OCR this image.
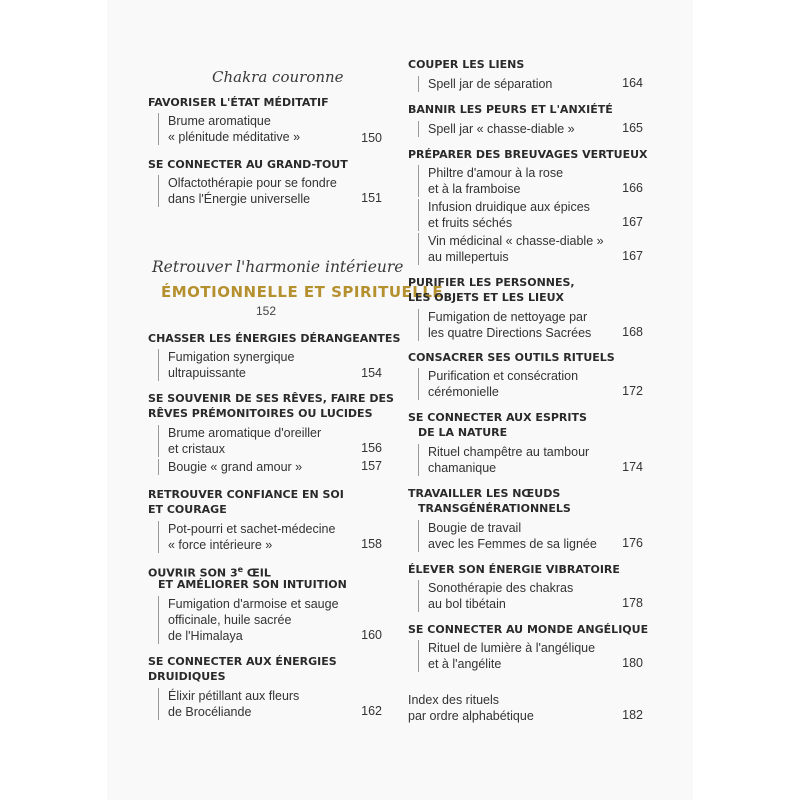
Chakra couronne
FAVORISER L'ÉTAT MÉDITATIF
Brume aromatique
« plénitude méditative »	150
SE CONNECTER AU GRAND-TOUT
Olfactothérapie pour se fondre
dans l'Énergie universelle	151
Retrouver l'harmonie intérieure
ÉMOTIONNELLE ET SPIRITUELLE
152
CHASSER LES ÉNERGIES DÉRANGEANTES
Fumigation synergique
ultrapuissante	154
SE SOUVENIR DE SES RÊVES, FAIRE DES
RÊVES PRÉMONITOIRES OU LUCIDES
Brume aromatique d'oreiller
et cristaux	156
Bougie « grand amour »	157
RETROUVER CONFIANCE EN SOI
ET COURAGE
Pot-pourri et sachet-médecine
« force intérieure »	158
OUVRIR SON 3e ŒIL
ET AMÉLIORER SON INTUITION
Fumigation d'armoise et sauge
officinale, huile sacrée
de l'Himalaya	160
SE CONNECTER AUX ÉNERGIES
DRUIDIQUES
Élixir pétillant aux fleurs
de Brocéliande	162
COUPER LES LIENS
Spell jar de séparation	164
BANNIR LES PEURS ET L'ANXIÉTÉ
Spell jar « chasse-diable »	165
PRÉPARER DES BREUVAGES VERTUEUX
Philtre d'amour à la rose
et à la framboise	166
Infusion druidique aux épices
et fruits séchés	167
Vin médicinal « chasse-diable »
au millepertuis	167
PURIFIER LES PERSONNES,
LES OBJETS ET LES LIEUX
Fumigation de nettoyage par
les quatre Directions Sacrées	168
CONSACRER SES OUTILS RITUELS
Purification et consécration
cérémonielle	172
SE CONNECTER AUX ESPRITS
DE LA NATURE
Rituel champêtre au tambour
chamanique	174
TRAVAILLER LES NŒUDS
TRANSGÉNÉRATIONNELS
Bougie de travail
avec les Femmes de sa lignée	176
ÉLEVER SON ÉNERGIE VIBRATOIRE
Sonothérapie des chakras
au bol tibétain	178
SE CONNECTER AU MONDE ANGÉLIQUE
Rituel de lumière à l'angélique
et à l'angélite	180
Index des rituels
par ordre alphabétique	182
